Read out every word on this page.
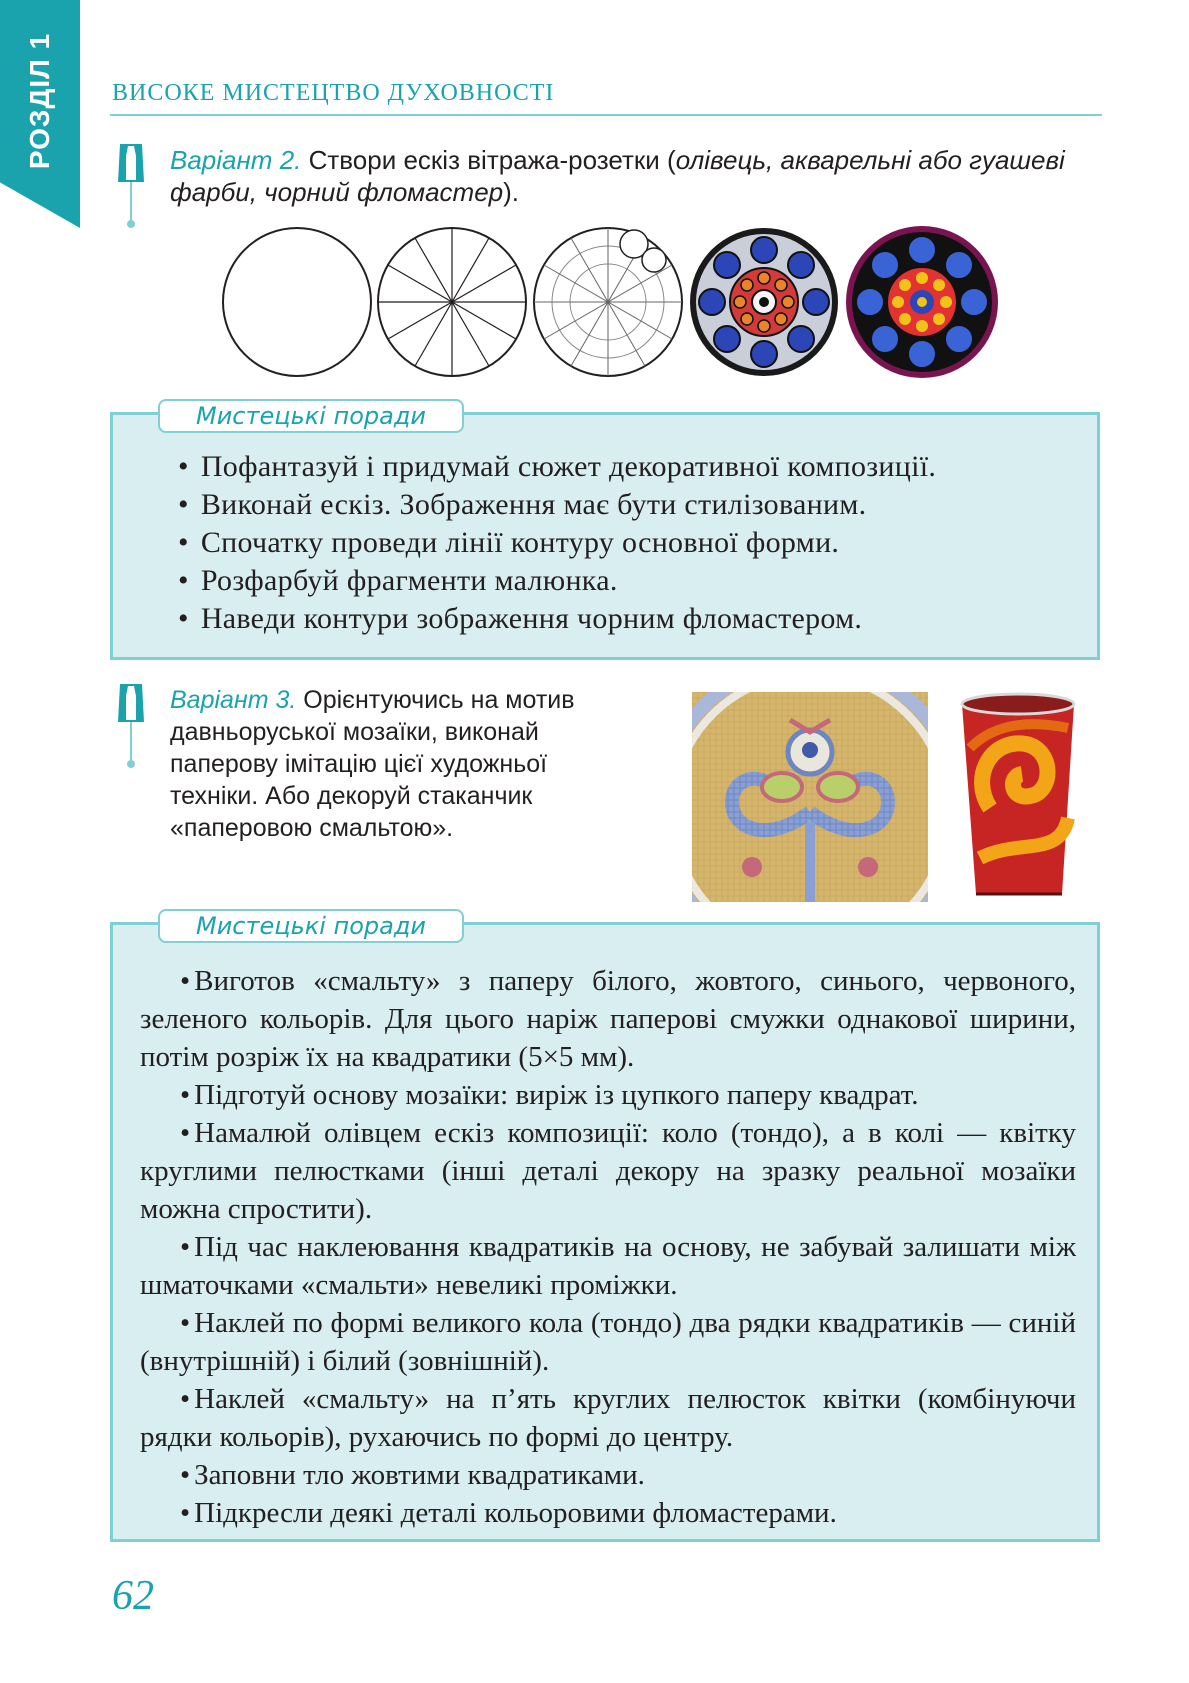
РОЗДІЛ 1 ВИСОКЕ МИСТЕЦТВО ДУХОВНОСТІ
Варіант 2. Створи ескіз вітража-розетки (олівець, акварельні або гуашеві фарби, чорний фломастер).
Мистецькі поради
• Пофантазуй і придумай сюжет декоративної композиції.
• Виконай ескіз. Зображення має бути стилізованим.
• Спочатку проведи лінії контуру основної форми.
• Розфарбуй фрагменти малюнка.
• Наведи контури зображення чорним фломастером.
Варіант 3. Орієнтуючись на мотив
давньоруської мозаїки, виконай
паперову імітацію цієї художньої
техніки. Або декоруй стаканчик
«паперовою смальтою».
Мистецькі поради

• Виготов «смальту» з паперу білого, жовтого, синього, червоного, зеленого кольорів. Для цього наріж паперові смужки однакової ширини, потім розріж їх на квадратики (5×5 мм).

• Підготуй основу мозаїки: виріж із цупкого паперу квадрат.

• Намалюй олівцем ескіз композиції: коло (тондо), а в колі — квітку круглими пелюстками (інші деталі декору на зразку реальної мозаїки можна спростити).

• Під час наклеювання квадратиків на основу, не забувай залишати між шматочками «смальти» невеликі проміжки.

• Наклей по формі великого кола (тондо) два рядки квадратиків — синій (внутрішній) і білий (зовнішній).

• Наклей «смальту» на п’ять круглих пелюсток квітки (комбінуючи рядки кольорів), рухаючись по формі до центру.

• Заповни тло жовтими квадратиками.

• Підкресли деякі деталі кольоровими фломастерами.

62
